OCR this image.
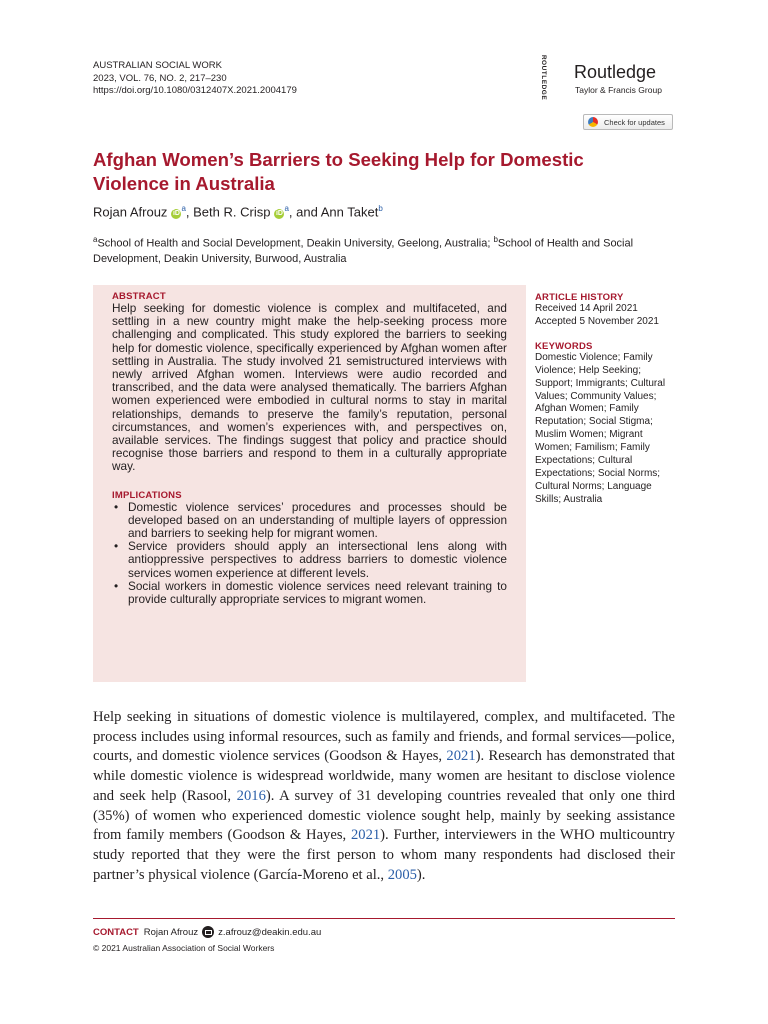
AUSTRALIAN SOCIAL WORK
2023, VOL. 76, NO. 2, 217–230
https://doi.org/10.1080/0312407X.2021.2004179	ROUTLEDGE Routledge
Taylor & Francis Group
Check for updates
Afghan Women’s Barriers to Seeking Help for Domestic Violence in Australia
Rojan Afrouz $iD^a$, Beth R. Crisp $iD^a$, and Ann Taket$^b$
$^a$School of Health and Social Development, Deakin University, Geelong, Australia; $^b$School of Health and Social Development, Deakin University, Burwood, Australia
ABSTRACT

Help seeking for domestic violence is complex and multifaceted, and settling in a new country might make the help-seeking process more challenging and complicated. This study explored the barriers to seeking help for domestic violence, specifically experienced by Afghan women after settling in Australia. The study involved 21 semistructured interviews with newly arrived Afghan women. Interviews were audio recorded and transcribed, and the data were analysed thematically. The barriers Afghan women experienced were embodied in cultural norms to stay in marital relationships, demands to preserve the family’s reputation, personal circumstances, and women’s experiences with, and perspectives on, available services. The findings suggest that policy and practice should recognise those barriers and respond to them in a culturally appropriate way.

IMPLICATIONS
• Domestic violence services’ procedures and processes should be developed based on an understanding of multiple layers of oppression and barriers to seeking help for migrant women.
• Service providers should apply an intersectional lens along with antioppressive perspectives to address barriers to domestic violence services women experience at different levels.
• Social workers in domestic violence services need relevant training to provide culturally appropriate services to migrant women.
ARTICLE HISTORY
Received 14 April 2021
Accepted 5 November 2021
KEYWORDS
Domestic Violence; Family Violence; Help Seeking; Support; Immigrants; Cultural Values; Community Values; Afghan Women; Family Reputation; Social Stigma; Muslim Women; Migrant Women; Familism; Family Expectations; Cultural Expectations; Social Norms; Cultural Norms; Language Skills; Australia
Help seeking in situations of domestic violence is multilayered, complex, and multifaceted. The process includes using informal resources, such as family and friends, and formal services—police, courts, and domestic violence services (Goodson & Hayes, 2021). Research has demonstrated that while domestic violence is widespread worldwide, many women are hesitant to disclose violence and seek help (Rasool, 2016). A survey of 31 developing countries revealed that only one third (35%) of women who experienced domestic violence sought help, mainly by seeking assistance from family members (Goodson & Hayes, 2021). Further, interviewers in the WHO multicountry study reported that they were the first person to whom many respondents had disclosed their partner’s physical violence (García-Moreno et al., 2005).
CONTACT Rojan Afrouz z.afrouz@deakin.edu.au
© 2021 Australian Association of Social Workers
